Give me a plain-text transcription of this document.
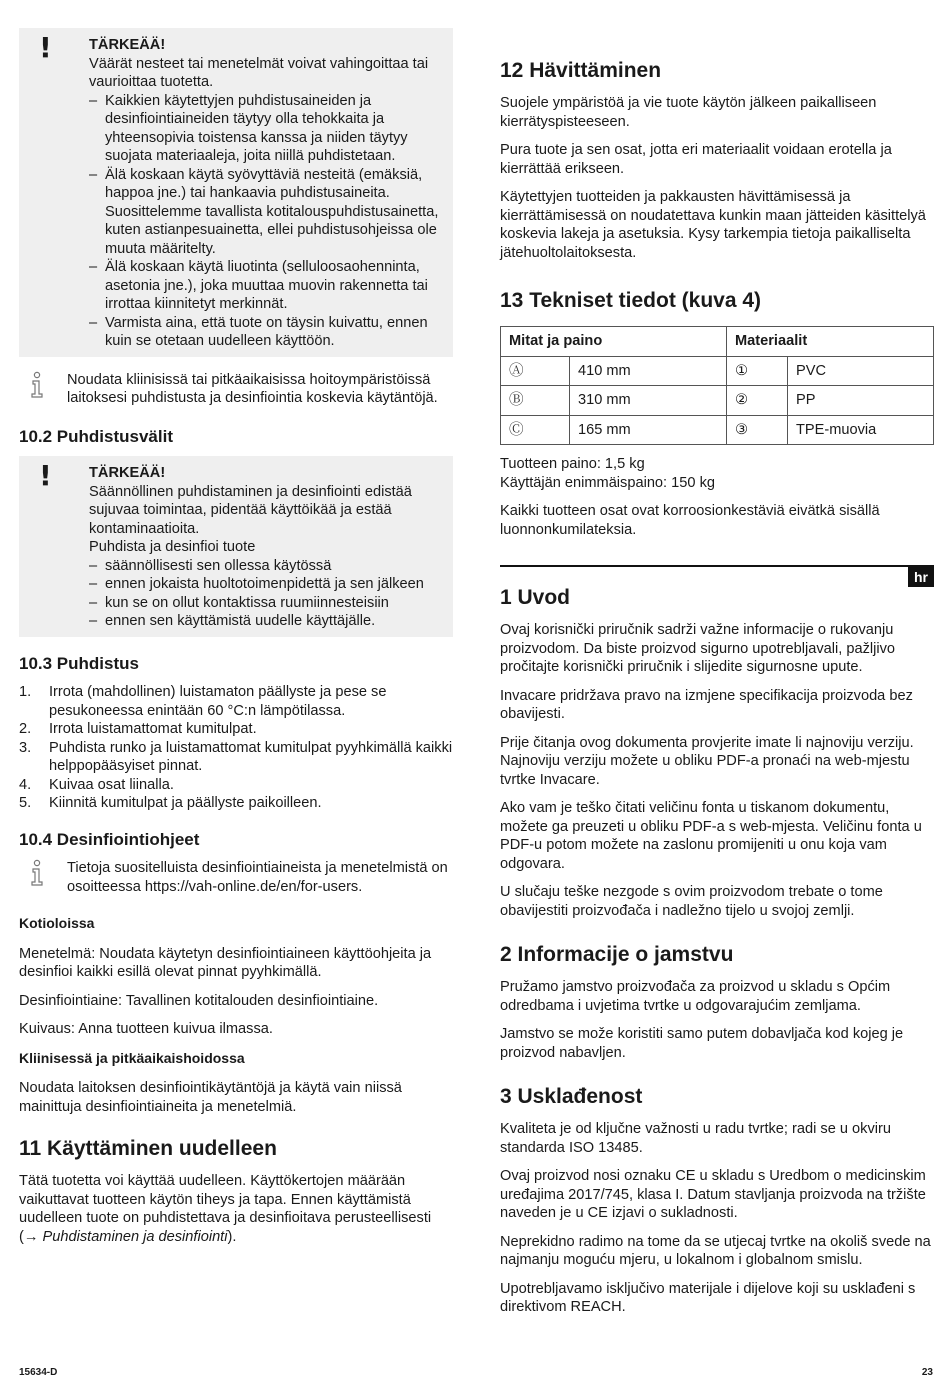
!	TÄRKEÄÄ!
Väärät nesteet tai menetelmät voivat vahingoittaa tai vaurioittaa tuotetta.
– Kaikkien käytettyjen puhdistusaineiden ja desinfiointiaineiden täytyy olla tehokkaita ja yhteensopivia toistensa kanssa ja niiden täytyy suojata materiaaleja, joita niillä puhdistetaan.
– Älä koskaan käytä syövyttäviä nesteitä (emäksiä, happoa jne.) tai hankaavia puhdistusaineita. Suosittelemme tavallista kotitalouspuhdistusainetta, kuten astianpesuainetta, ellei puhdistusohjeissa ole muuta määritelty.
– Älä koskaan käytä liuotinta (selluloosaohenninta, asetonia jne.), joka muuttaa muovin rakennetta tai irrottaa kiinnitetyt merkinnät.
– Varmista aina, että tuote on täysin kuivattu, ennen kuin se otetaan uudelleen käyttöön.
Noudata kliinisissä tai pitkäaikaisissa hoitoympäristöissä laitoksesi puhdistusta ja desinfiointia koskevia käytäntöjä.
10.2 Puhdistusvälit
!	TÄRKEÄÄ!
Säännöllinen puhdistaminen ja desinfiointi edistää sujuvaa toimintaa, pidentää käyttöikää ja estää kontaminaatioita.
Puhdista ja desinfioi tuote
– säännöllisesti sen ollessa käytössä
– ennen jokaista huoltotoimenpidettä ja sen jälkeen
– kun se on ollut kontaktissa ruumiinnesteisiin
– ennen sen käyttämistä uudelle käyttäjälle.
10.3 Puhdistus
1. Irrota (mahdollinen) luistamaton päällyste ja pese se pesukoneessa enintään 60 °C:n lämpötilassa.
2. Irrota luistamattomat kumitulpat.
3. Puhdista runko ja luistamattomat kumitulpat pyyhkimällä kaikki helppopääsyiset pinnat.
4. Kuivaa osat liinalla.
5. Kiinnitä kumitulpat ja päällyste paikoilleen.
10.4 Desinfiointiohjeet
Tietoja suositelluista desinfiointiaineista ja menetelmistä on osoitteessa https://vah-online.de/en/for-users.
Kotioloissa

Menetelmä: Noudata käytetyn desinfiointiaineen käyttöohjeita ja desinfioi kaikki esillä olevat pinnat pyyhkimällä.

Desinfiointiaine: Tavallinen kotitalouden desinfiointiaine.

Kuivaus: Anna tuotteen kuivua ilmassa.

Kliinisessä ja pitkäaikaishoidossa

Noudata laitoksen desinfiointikäytäntöjä ja käytä vain niissä mainittuja desinfiointiaineita ja menetelmiä.

11 Käyttäminen uudelleen
Tätä tuotetta voi käyttää uudelleen. Käyttökertojen määrään vaikuttavat tuotteen käytön tiheys ja tapa. Ennen käyttämistä uudelleen tuote on puhdistettava ja desinfioitava perusteellisesti
(→ Puhdistaminen ja desinfiointi).
12 Hävittäminen

Suojele ympäristöä ja vie tuote käytön jälkeen paikalliseen kierrätyspisteeseen.

Pura tuote ja sen osat, jotta eri materiaalit voidaan erotella ja kierrättää erikseen.

Käytettyjen tuotteiden ja pakkausten hävittämisessä ja kierrättämisessä on noudatettava kunkin maan jätteiden käsittelyä koskevia lakeja ja asetuksia. Kysy tarkempia tietoja paikalliselta jätehuoltolaitoksesta.

13 Tekniset tiedot (kuva 4)
Mitat ja paino		Materiaalit	
Ⓐ	410 mm	①	PVC
Ⓑ	310 mm	②	PP
Ⓒ	165 mm	③	TPE-muovia
Tuotteen paino: 1,5 kg

Käyttäjän enimmäispaino: 150 kg

Kaikki tuotteen osat ovat korroosionkestäviä eivätkä sisällä luonnonkumilateksia.

hr
1 Uvod

Ovaj korisnički priručnik sadrži važne informacije o rukovanju proizvodom. Da biste proizvod sigurno upotrebljavali, pažljivo pročitajte korisnički priručnik i slijedite sigurnosne upute.

Invacare pridržava pravo na izmjene specifikacija proizvoda bez obavijesti.

Prije čitanja ovog dokumenta provjerite imate li najnoviju verziju. Najnoviju verziju možete u obliku PDF-a pronaći na web-mjestu tvrtke Invacare.

Ako vam je teško čitati veličinu fonta u tiskanom dokumentu, možete ga preuzeti u obliku PDF-a s web-mjesta. Veličinu fonta u PDF-u potom možete na zaslonu promijeniti u onu koja vam odgovara.

U slučaju teške nezgode s ovim proizvodom trebate o tome obavijestiti proizvođača i nadležno tijelo u svojoj zemlji.

2 Informacije o jamstvu

Pružamo jamstvo proizvođača za proizvod u skladu s Općim odredbama i uvjetima tvrtke u odgovarajućim zemljama.

Jamstvo se može koristiti samo putem dobavljača kod kojeg je proizvod nabavljen.

3 Usklađenost

Kvaliteta je od ključne važnosti u radu tvrtke; radi se u okviru standarda ISO 13485.

Ovaj proizvod nosi oznaku CE u skladu s Uredbom o medicinskim uređajima 2017/745, klasa I. Datum stavljanja proizvoda na tržište naveden je u CE izjavi o sukladnosti.

Neprekidno radimo na tome da se utjecaj tvrtke na okoliš svede na najmanju moguću mjeru, u lokalnom i globalnom smislu.

Upotrebljavamo isključivo materijale i dijelove koji su usklađeni s direktivom REACH.

15634-D	23
